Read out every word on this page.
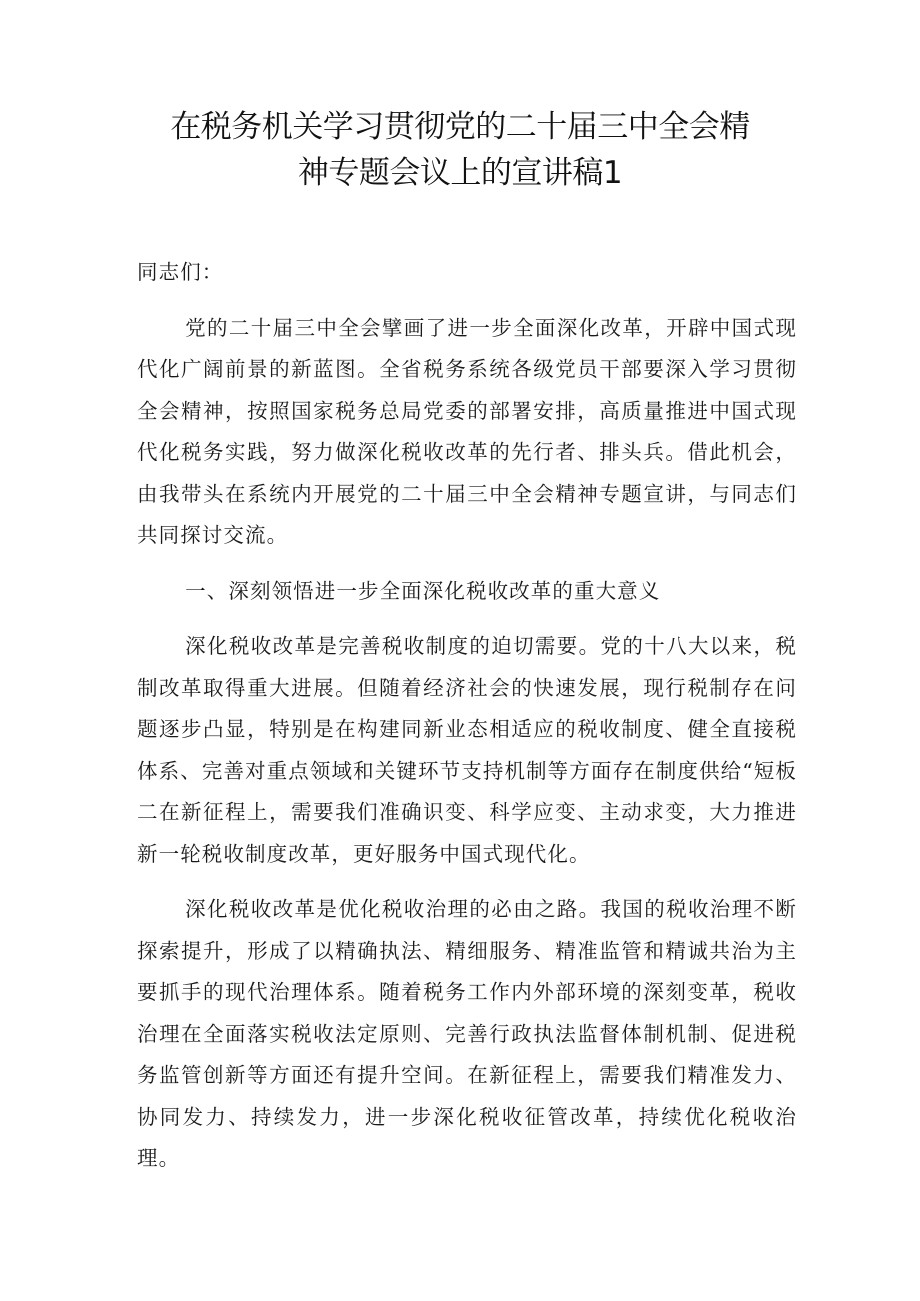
在税务机关学习贯彻党的二十届三中全会精
神专题会议上的宣讲稿1

同志们：

党的二十届三中全会擘画了进一步全面深化改革，开辟中国式现代化广阔前景的新蓝图。全省税务系统各级党员干部要深入学习贯彻全会精神，按照国家税务总局党委的部署安排，高质量推进中国式现代化税务实践，努力做深化税收改革的先行者、排头兵。借此机会，由我带头在系统内开展党的二十届三中全会精神专题宣讲，与同志们共同探讨交流。

一、深刻领悟进一步全面深化税收改革的重大意义

深化税收改革是完善税收制度的迫切需要。党的十八大以来，税制改革取得重大进展。但随着经济社会的快速发展，现行税制存在问题逐步凸显，特别是在构建同新业态相适应的税收制度、健全直接税体系、完善对重点领域和关键环节支持机制等方面存在制度供给“短板二在新征程上，需要我们准确识变、科学应变、主动求变，大力推进新一轮税收制度改革，更好服务中国式现代化。

深化税收改革是优化税收治理的必由之路。我国的税收治理不断探索提升，形成了以精确执法、精细服务、精准监管和精诚共治为主要抓手的现代治理体系。随着税务工作内外部环境的深刻变革，税收治理在全面落实税收法定原则、完善行政执法监督体制机制、促进税务监管创新等方面还有提升空间。在新征程上，需要我们精准发力、协同发力、持续发力，进一步深化税收征管改革，持续优化税收治理。
